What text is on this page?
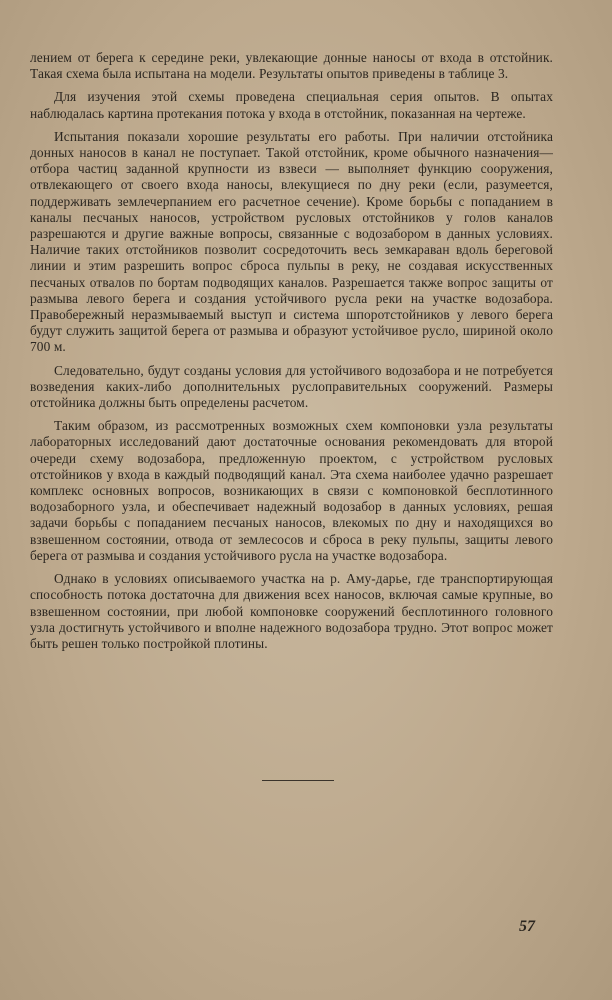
лением от берега к середине реки, увлекающие донные наносы от входа в отстойник. Такая схема была испытана на модели. Результаты опытов приведены в таблице 3.

Для изучения этой схемы проведена специальная серия опытов. В опытах наблюдалась картина протекания потока у входа в отстойник, показанная на чертеже.

Испытания показали хорошие результаты его работы. При наличии отстойника донных наносов в канал не поступает. Такой отстойник, кроме обычного назначения—отбора частиц заданной крупности из взвеси — выполняет функцию сооружения, отвлекающего от своего входа наносы, влекущиеся по дну реки (если, разумеется, поддерживать землечерпанием его расчетное сечение). Кроме борьбы с попаданием в каналы песчаных наносов, устройством русловых отстойников у голов каналов разрешаются и другие важные вопросы, связанные с водозабором в данных условиях. Наличие таких отстойников позволит сосредоточить весь земкараван вдоль береговой линии и этим разрешить вопрос сброса пульпы в реку, не создавая искусственных песчаных отвалов по бортам подводящих каналов. Разрешается также вопрос защиты от размыва левого берега и создания устойчивого русла реки на участке водозабора. Правобережный неразмываемый выступ и система шпоротстойников у левого берега будут служить защитой берега от размыва и образуют устойчивое русло, шириной около 700 м.

Следовательно, будут созданы условия для устойчивого водозабора и не потребуется возведения каких-либо дополнительных руслоправительных сооружений. Размеры отстойника должны быть определены расчетом.

Таким образом, из рассмотренных возможных схем компоновки узла результаты лабораторных исследований дают достаточные основания рекомендовать для второй очереди схему водозабора, предложенную проектом, с устройством русловых отстойников у входа в каждый подводящий канал. Эта схема наиболее удачно разрешает комплекс основных вопросов, возникающих в связи с компоновкой бесплотинного водозаборного узла, и обеспечивает надежный водозабор в данных условиях, решая задачи борьбы с попаданием песчаных наносов, влекомых по дну и находящихся во взвешенном состоянии, отвода от землесосов и сброса в реку пульпы, защиты левого берега от размыва и создания устойчивого русла на участке водозабора.

Однако в условиях описываемого участка на р. Аму-дарье, где транспортирующая способность потока достаточна для движения всех наносов, включая самые крупные, во взвешенном состоянии, при любой компоновке сооружений бесплотинного головного узла достигнуть устойчивого и вполне надежного водозабора трудно. Этот вопрос может быть решен только постройкой плотины.

57
